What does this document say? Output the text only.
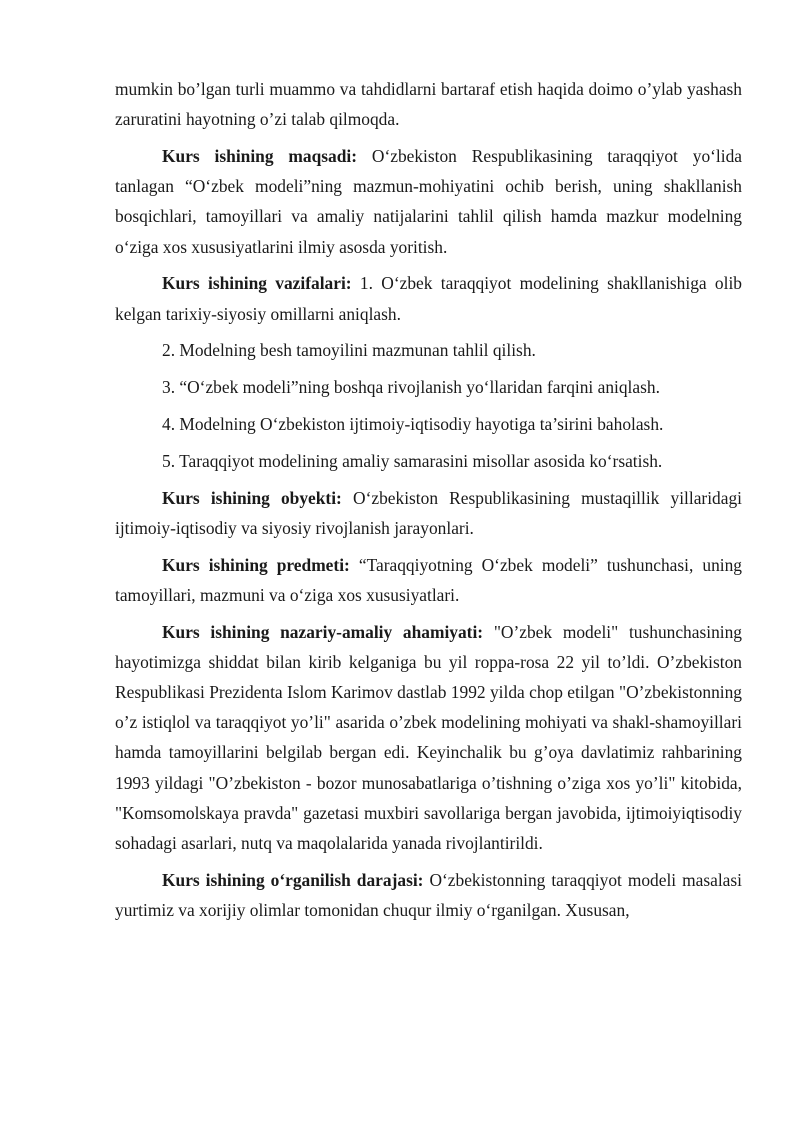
mumkin bo’lgan turli muammo va tahdidlarni bartaraf etish haqida doimo o’ylab yashash zaruratini hayotning o’zi talab qilmoqda.

Kurs ishining maqsadi: O‘zbekiston Respublikasining taraqqiyot yo‘lida tanlagan “O‘zbek modeli”ning mazmun-mohiyatini ochib berish, uning shakllanish bosqichlari, tamoyillari va amaliy natijalarini tahlil qilish hamda mazkur modelning o‘ziga xos xususiyatlarini ilmiy asosda yoritish.

Kurs ishining vazifalari: 1. O‘zbek taraqqiyot modelining shakllanishiga olib kelgan tarixiy-siyosiy omillarni aniqlash.

2. Modelning besh tamoyilini mazmunan tahlil qilish.

3. “O‘zbek modeli”ning boshqa rivojlanish yo‘llaridan farqini aniqlash.

4. Modelning O‘zbekiston ijtimoiy-iqtisodiy hayotiga ta’sirini baholash.

5. Taraqqiyot modelining amaliy samarasini misollar asosida ko‘rsatish.

Kurs ishining obyekti: O‘zbekiston Respublikasining mustaqillik yillaridagi ijtimoiy-iqtisodiy va siyosiy rivojlanish jarayonlari.

Kurs ishining predmeti: “Taraqqiyotning O‘zbek modeli” tushunchasi, uning tamoyillari, mazmuni va o‘ziga xos xususiyatlari.

Kurs ishining nazariy-amaliy ahamiyati: "O’zbek modeli" tushunchasining hayotimizga shiddat bilan kirib kelganiga bu yil roppa-rosa 22 yil to’ldi. O’zbekiston Respublikasi Prezidenta Islom Karimov dastlab 1992 yilda chop etilgan "O’zbekistonning o’z istiqlol va taraqqiyot yo’li" asarida o’zbek modelining mohiyati va shakl-shamoyillari hamda tamoyillarini belgilab bergan edi. Keyinchalik bu g’oya davlatimiz rahbarining 1993 yildagi "O’zbekiston - bozor munosabatlariga o’tishning o’ziga xos yo’li" kitobida, "Komsomolskaya pravda" gazetasi muxbiri savollariga bergan javobida, ijtimoiyiqtisodiy sohadagi asarlari, nutq va maqolalarida yanada rivojlantirildi.

Kurs ishining o‘rganilish darajasi: O‘zbekistonning taraqqiyot modeli masalasi yurtimiz va xorijiy olimlar tomonidan chuqur ilmiy o‘rganilgan. Xususan,
